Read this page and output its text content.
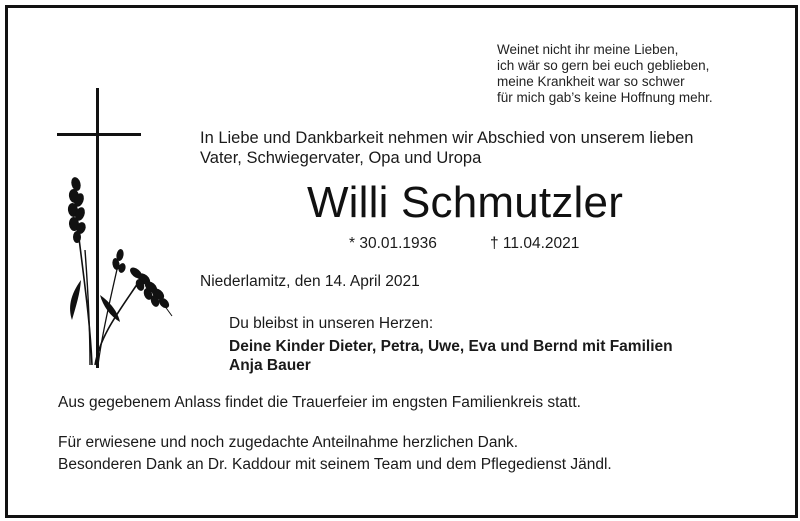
Weinet nicht ihr meine Lieben,
ich wär so gern bei euch geblieben,
meine Krankheit war so schwer
für mich gab’s keine Hoffnung mehr.
In Liebe und Dankbarkeit nehmen wir Abschied von unserem lieben
Vater, Schwiegervater, Opa und Uropa
Willi Schmutzler
* 30.01.1936	† 11.04.2021
Niederlamitz, den 14. April 2021
Du bleibst in unseren Herzen:
Deine Kinder Dieter, Petra, Uwe, Eva und Bernd mit Familien
Anja Bauer
Aus gegebenem Anlass findet die Trauerfeier im engsten Familienkreis statt.
Für erwiesene und noch zugedachte Anteilnahme herzlichen Dank.
Besonderen Dank an Dr. Kaddour mit seinem Team und dem Pflegedienst Jändl.
